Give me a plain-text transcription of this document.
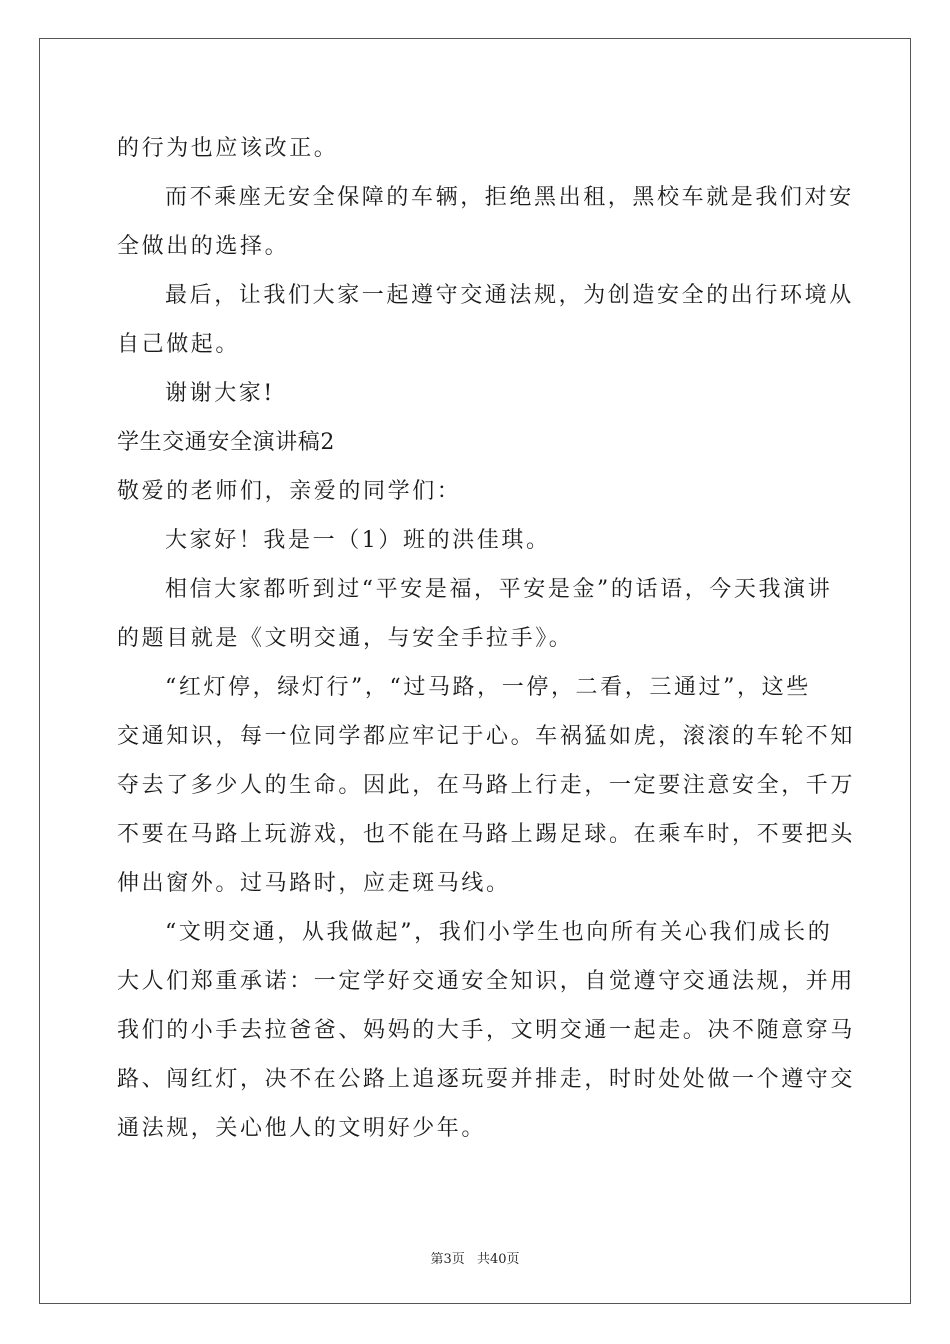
的行为也应该改正。
而不乘座无安全保障的车辆，拒绝黑出租，黑校车就是我们对安
全做出的选择。
最后，让我们大家一起遵守交通法规，为创造安全的出行环境从
自己做起。
谢谢大家!
学生交通安全演讲稿2
敬爱的老师们，亲爱的同学们：
大家好！我是一（1）班的洪佳琪。
相信大家都听到过“平安是福，平安是金”的话语，今天我演讲
的题目就是《文明交通，与安全手拉手》。
“红灯停，绿灯行”，“过马路，一停，二看，三通过”，这些
交通知识，每一位同学都应牢记于心。车祸猛如虎，滚滚的车轮不知
夺去了多少人的生命。因此，在马路上行走，一定要注意安全，千万
不要在马路上玩游戏，也不能在马路上踢足球。在乘车时，不要把头
伸出窗外。过马路时，应走斑马线。
“文明交通，从我做起”，我们小学生也向所有关心我们成长的
大人们郑重承诺：一定学好交通安全知识，自觉遵守交通法规，并用
我们的小手去拉爸爸、妈妈的大手，文明交通一起走。决不随意穿马
路、闯红灯，决不在公路上追逐玩耍并排走，时时处处做一个遵守交
通法规，关心他人的文明好少年。
第3页 共40页
